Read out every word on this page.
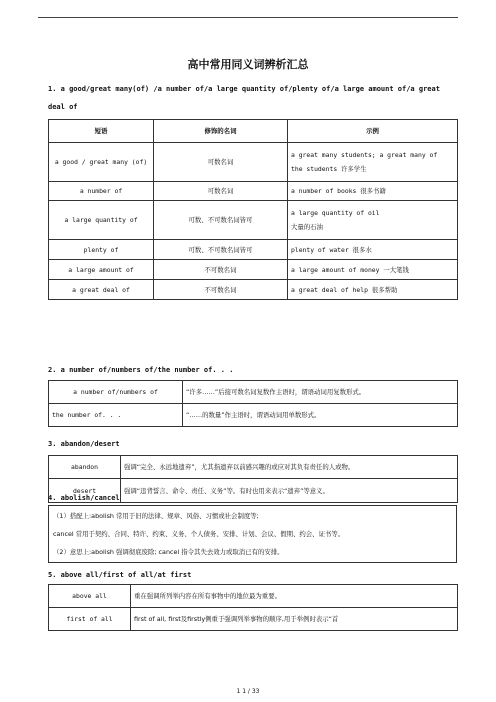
高中常用同义词辨析汇总
1. a good/great many(of) /a number of/a large quantity of/plenty of/a large amount of/a great
deal of
短语	修饰的名词	示例
a good / great many (of)	可数名词	a great many students; a great many of
the students 许多学生

a number of	可数名词	a number of books 很多书籍
a large quantity of	可数、不可数名词皆可	a large quantity of oil
大量的石油

plenty of	可数、不可数名词皆可	plenty of water 很多水
a large amount of	不可数名词	a large amount of money 一大笔钱
a great deal of	不可数名词	a great deal of help 很多帮助
2. a number of/numbers of/the number of. . .
a number of/numbers of	“许多……”后接可数名词复数作主语时，谓语动词用复数形式。
the number of. . .	“……的数量”作主语时，谓语动词用单数形式。
3. abandon/desert
abandon	强调“完全、永远地遗弃”，尤其指遗弃以前感兴趣的或应对其负有责任的人或物。
desert	强调“违背誓言、命令、责任、义务”等。有时也用来表示“遗弃”等意义。
4. abolish/cancel
（1）搭配上:abolish 常用于旧的法律、规章、风俗、习惯或社会制度等;
cancel 常用于契约、合同、特许、约束、义务、个人债务、安排、计划、会议、假期、约会、证书等。
（2）意思上:abolish 强调彻底废除; cancel 指令其失去效力或取消已有的安排。
5. above all/first of all/at first
above all	重在强调所列举内容在所有事物中的地位最为重要。
first of all	first of all, first及firstly侧重于强调列举事物的顺序,用于举例时表示“首
1 1 / 33
